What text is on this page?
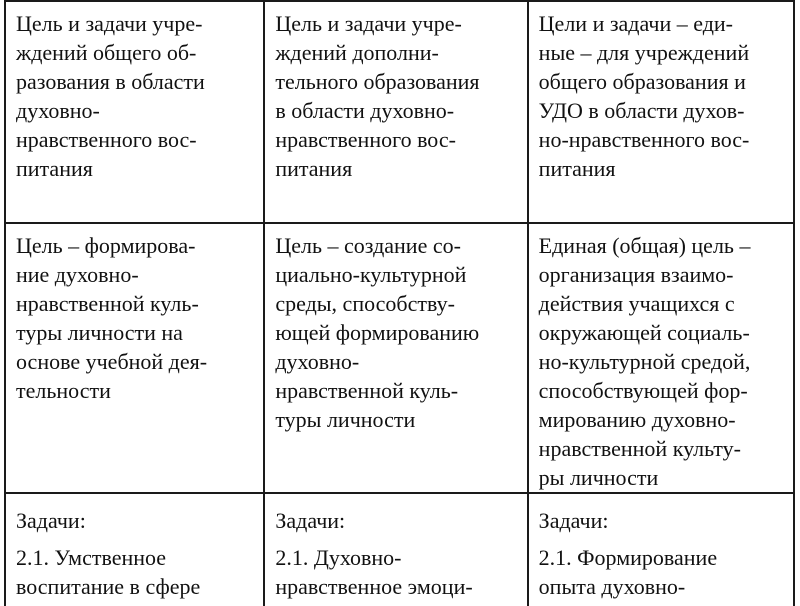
Цель и задачи учре-
ждений общего об-
разования в области
духовно-
нравственного вос-
питания
Цель и задачи учре-
ждений дополни-
тельного образования
в области духовно-
нравственного вос-
питания
Цели и задачи – еди-
ные – для учреждений
общего образования и
УДО в области духов-
но-нравственного вос-
питания
Цель – формирова-
ние духовно-
нравственной куль-
туры личности на
основе учебной дея-
тельности
Цель – создание со-
циально-культурной
среды, способству-
ющей формированию
духовно-
нравственной куль-
туры личности
Единая (общая) цель –
организация взаимо-
действия учащихся с
окружающей социаль-
но-культурной средой,
способствующей фор-
мированию духовно-
нравственной культу-
ры личности
Задачи:
2.1. Умственное
воспитание в сфере
Задачи:
2.1. Духовно-
нравственное эмоци-
Задачи:
2.1. Формирование
опыта духовно-
